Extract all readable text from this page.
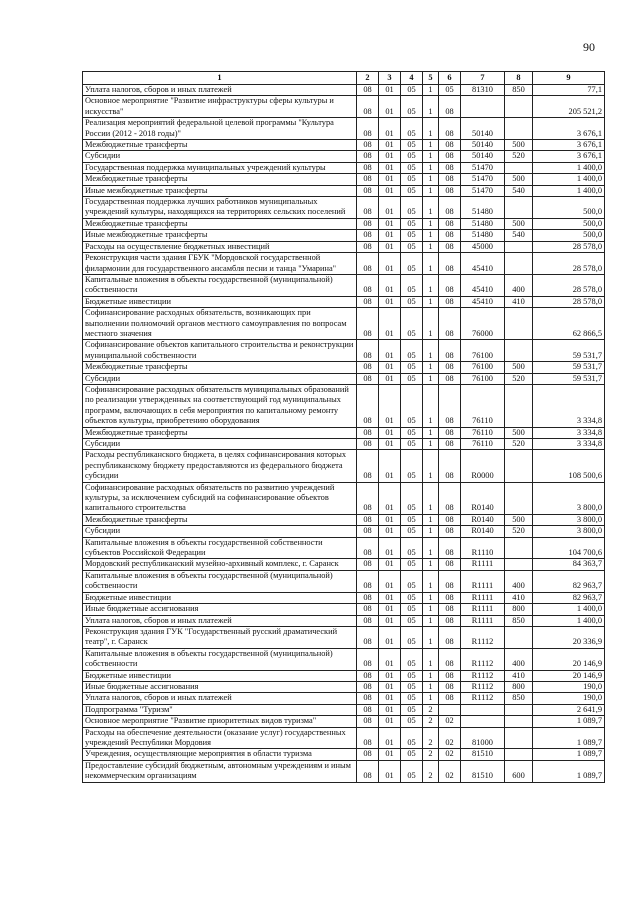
90
1	2	3	4	5	6	7	8	9
Уплата налогов, сборов и иных платежей	08	01	05	1	05	81310	850	77,1
Основное мероприятие "Развитие инфраструктуры сферы культуры и искусства"	08	01	05	1	08			205 521,2
Реализация мероприятий федеральной целевой программы "Культура России (2012 - 2018 годы)"	08	01	05	1	08	50140		3 676,1
Межбюджетные трансферты	08	01	05	1	08	50140	500	3 676,1
Субсидии	08	01	05	1	08	50140	520	3 676,1
Государственная поддержка муниципальных учреждений культуры	08	01	05	1	08	51470		1 400,0
Межбюджетные трансферты	08	01	05	1	08	51470	500	1 400,0
Иные межбюджетные трансферты	08	01	05	1	08	51470	540	1 400,0
Государственная поддержка лучших работников муниципальных учреждений культуры, находящихся на территориях сельских поселений	08	01	05	1	08	51480		500,0
Межбюджетные трансферты	08	01	05	1	08	51480	500	500,0
Иные межбюджетные трансферты	08	01	05	1	08	51480	540	500,0
Расходы на осуществление бюджетных инвестиций	08	01	05	1	08	45000		28 578,0
Реконструкция части здания ГБУК "Мордовской государственной филармонии для государственного ансамбля песни и танца "Умарина"	08	01	05	1	08	45410		28 578,0
Капитальные вложения в объекты государственной (муниципальной) собственности	08	01	05	1	08	45410	400	28 578,0
Бюджетные инвестиции	08	01	05	1	08	45410	410	28 578,0
Софинансирование расходных обязательств, возникающих при выполнении полномочий органов местного самоуправления по вопросам местного значения	08	01	05	1	08	76000		62 866,5
Софинансирование объектов капитального строительства и реконструкции муниципальной собственности	08	01	05	1	08	76100		59 531,7
Межбюджетные трансферты	08	01	05	1	08	76100	500	59 531,7
Субсидии	08	01	05	1	08	76100	520	59 531,7
Софинансирование расходных обязательств муниципальных образований по реализации утвержденных на соответствующий год муниципальных программ, включающих в себя мероприятия по капитальному ремонту объектов культуры, приобретению оборудования	08	01	05	1	08	76110		3 334,8
Межбюджетные трансферты	08	01	05	1	08	76110	500	3 334,8
Субсидии	08	01	05	1	08	76110	520	3 334,8
Расходы республиканского бюджета, в целях софинансирования которых республиканскому бюджету предоставляются из федерального бюджета субсидии	08	01	05	1	08	R0000		108 500,6
Софинансирование расходных обязательств по развитию учреждений культуры, за исключением субсидий на софинансирование объектов капитального строительства	08	01	05	1	08	R0140		3 800,0
Межбюджетные трансферты	08	01	05	1	08	R0140	500	3 800,0
Субсидии	08	01	05	1	08	R0140	520	3 800,0
Капитальные вложения в объекты государственной собственности субъектов Российской Федерации	08	01	05	1	08	R1110		104 700,6
Мордовский республиканский музейно-архивный комплекс, г. Саранск	08	01	05	1	08	R1111		84 363,7
Капитальные вложения в объекты государственной (муниципальной) собственности	08	01	05	1	08	R1111	400	82 963,7
Бюджетные инвестиции	08	01	05	1	08	R1111	410	82 963,7
Иные бюджетные ассигнования	08	01	05	1	08	R1111	800	1 400,0
Уплата налогов, сборов и иных платежей	08	01	05	1	08	R1111	850	1 400,0
Реконструкция здания ГУК "Государственный русский драматический театр", г. Саранск	08	01	05	1	08	R1112		20 336,9
Капитальные вложения в объекты государственной (муниципальной) собственности	08	01	05	1	08	R1112	400	20 146,9
Бюджетные инвестиции	08	01	05	1	08	R1112	410	20 146,9
Иные бюджетные ассигнования	08	01	05	1	08	R1112	800	190,0
Уплата налогов, сборов и иных платежей	08	01	05	1	08	R1112	850	190,0
Подпрограмма "Туризм"	08	01	05	2				2 641,9
Основное мероприятие "Развитие приоритетных видов туризма"	08	01	05	2	02			1 089,7
Расходы на обеспечение деятельности (оказание услуг) государственных учреждений Республики Мордовия	08	01	05	2	02	81000		1 089,7
Учреждения, осуществляющие мероприятия в области туризма	08	01	05	2	02	81510		1 089,7
Предоставление субсидий бюджетным, автономным учреждениям и иным некоммерческим организациям	08	01	05	2	02	81510	600	1 089,7
